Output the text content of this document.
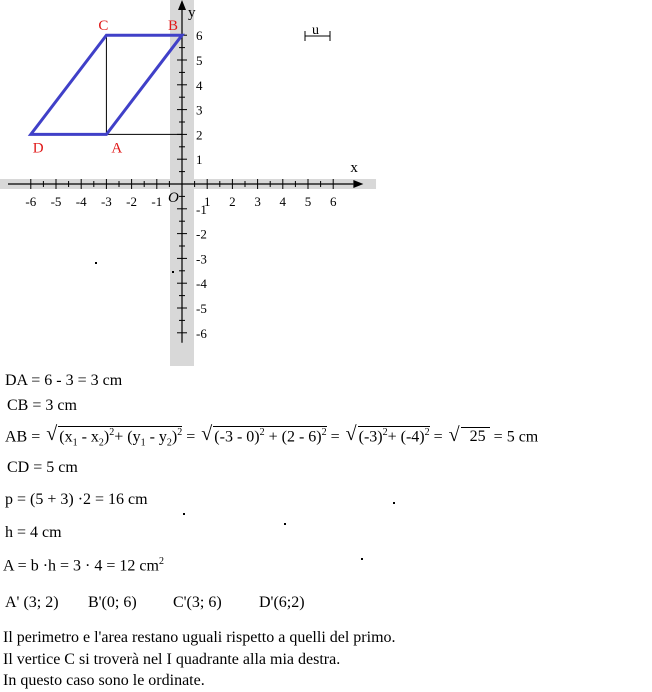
x
y
O
-6 -5 -4 -3 -2 -1	1 2 3 4 5 6
-6
-5
-4
-3
-2
-1
1
2
3
4
5
6	u
A
B
C
D
DA = 6 - 3 = 3 cm
CB = 3 cm
AB = √ $(x_1 - x_2)^2+ (y_1 - y_2)^2$ = √ (-3 - 0)$^2$ + (2 - 6)$^2$ = √ $(-3)^2+ (-4)^2$ = √ 25 = 5 cm
CD = 5 cm
p = (5 + 3) ·2 = 16 cm
h = 4 cm
A = b ·h = 3 · 4 = 12 $cm^2$
A' (3; 2) B'(0; 6) C'(3; 6) D'(6;2)
Il perimetro e l'area restano uguali rispetto a quelli del primo.
Il vertice C si troverà nel I quadrante alla mia destra.
In questo caso sono le ordinate.
